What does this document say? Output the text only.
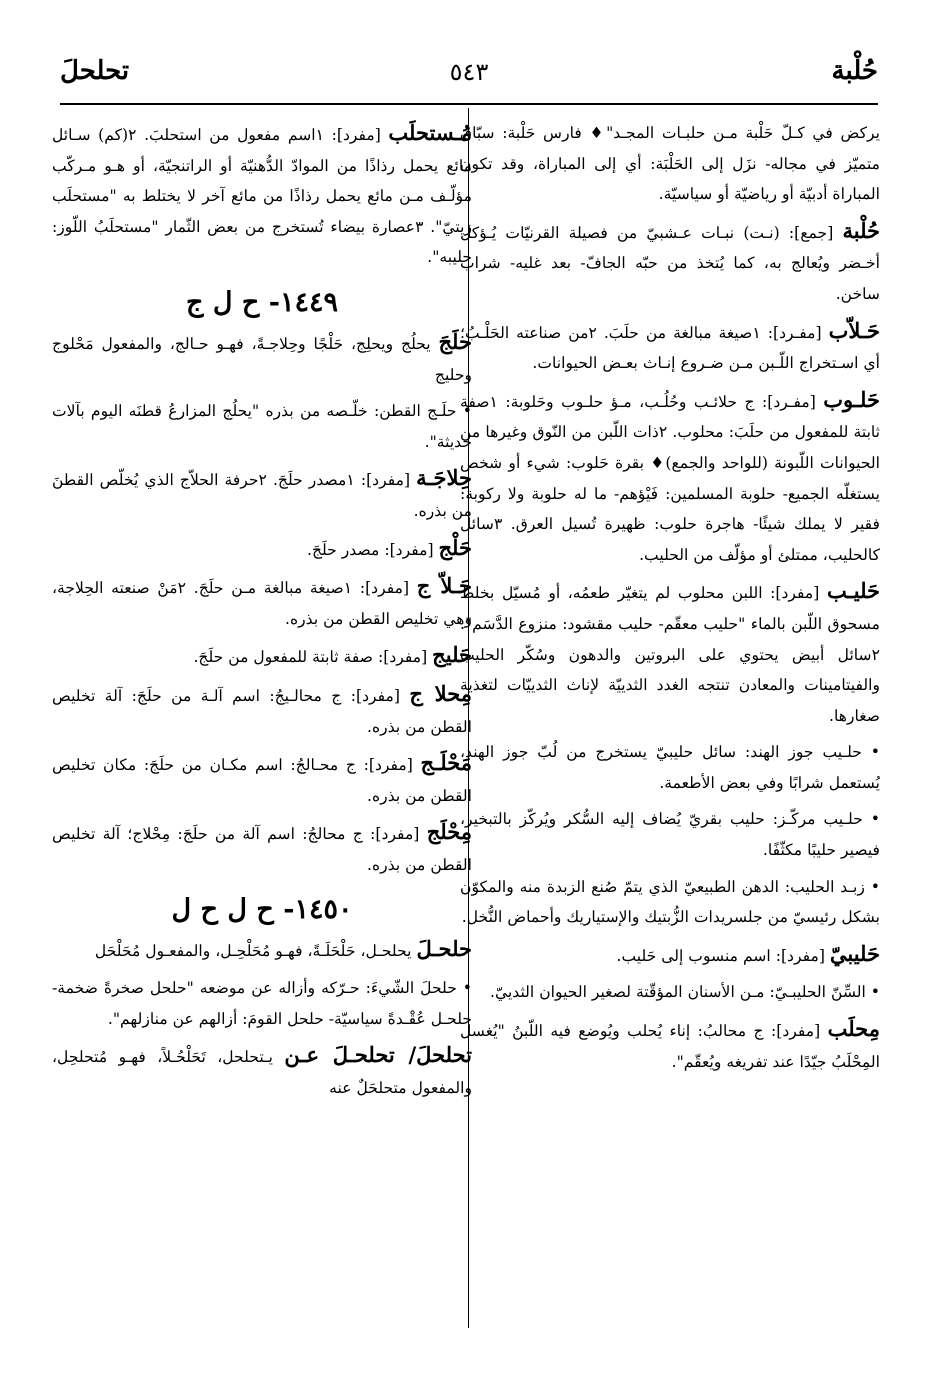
حُلْبة
٥٤٣
تحلحلَ
يركض في كـلّ حَلْبة مـن حلبـات المجـد"♦ فارس حَلْبة: سبّاق متميّز في مجاله- نزَل إلى الحَلْبَة: أي إلى المباراة، وقد تكون المباراة أدبيّة أو رياضيّة أو سياسيّة.
حُلْبة [جمع]: (نـت) نبـات عـشبيّ من فصيلة القرنيّات يُـؤكل أخـضر ويُعالج به، كما يُتخذ من حبّه الجافّ- بعد غليه- شراب ساخن.
حَـلاّب [مفـرد]: ١صيغة مبالغة من حلَبَ. ٢من صناعته الحَلْـبُ؛ أي اسـتخراج اللّـبن مـن ضـروع إنـاث بعـض الحيوانات.
حَلـوب [مفـرد]: ج حلائـب وحُلُـب، مـؤ حلـوب وحَلوبة: ١صفة ثابتة للمفعول من حلَبَ: محلوب. ٢ذات اللّبن من النّوق وغيرها من الحيوانات اللّبونة (للواحد والجمع)♦ بقرة حَلوب: شيء أو شخص يستغلّه الجميع- حلوبة المسلمين: فَيْؤهم- ما له حلوبة ولا ركوبة: فقير لا يملك شيئًا- هاجرة حلوب: ظهيرة تُسيل العرق. ٣سائل كالحليب، ممتلئ أو مؤلّف من الحليب.
حَليـب [مفرد]: اللبن محلوب لم يتغيّر طعمُه، أو مُسيّل بخلط مسحوق اللّبن بالماء "حليب معقّم- حليب مقشود: منزوع الدَّسَم". ٢سائل أبيض يحتوي على البروتين والدهون وسُكّر الحليب والفيتامينات والمعادن تنتجه الغدد الثدييّة لإناث الثدييّات لتغذية صغارها.
• حلـيب جوز الهند: سائل حليبيّ يستخرج من لُبّ جوز الهند، يُستعمل شرابًا وفي بعض الأطعمة.
• حلـيب مركّـز: حليب بقريّ يُضاف إليه السُّكر ويُركّز بالتبخير، فيصير حليبًا مكثّفًا.
• زبـد الحليب: الدهن الطبيعيّ الذي يتمّ صُنع الزبدة منه والمكوّن بشكل رئيسيّ من جلسريدات الزُّبتيك والإستياريك وأحماض النُّخل.
حَليبيّ [مفرد]: اسم منسوب إلى حَليب.
• السِّنّ الحليبـيّ: مـن الأسنان المؤقّتة لصغير الحيوان الثدييّ.
مِحلَب [مفرد]: ج محالبُ: إناء يُحلب ويُوضع فيه اللّبنُ "يُغسل المِحْلَبُ جيّدًا عند تفريغه ويُعقّم".
مُـستحلَب [مفرد]: ١اسم مفعول من استحلبَ. ٢(كم) سـائل مائع يحمل رذاذًا من الموادّ الدُّهنيّة أو الراتنجيّة، أو هـو مـركّب مؤلّـف مـن مائع يحمل رذاذًا من مائع آخر لا يختلط به "مستحلَب زيتيّ". ٣عصارة بيضاء تُستخرج من بعض الثّمار "مستحلَبُ اللّوز: حليبه".
١٤٤٩- ح ل ج
حلَجَ يحلُج ويحلِج، حَلْجًا وحِلاجـةً، فهـو حـالج، والمفعول مَحْلوج وحليج
• حلَـج القطن: خلّـصه من بذره "يحلُج المزارعُ قطنَه اليوم بآلات حديثة".
حِلاجَـة [مفرد]: ١مصدر حلَجَ. ٢حرفة الحلاّج الذي يُخلّص القطنَ من بذره.
حَلْج [مفرد]: مصدر حلَجَ.
حَـلاّ ج [مفرد]: ١صيغة مبالغة مـن حلَجَ. ٢مَنْ صنعته الحِلاجة، وهي تخليص القطن من بذره.
حَليج [مفرد]: صفة ثابتة للمفعول من حلَجَ.
مِحلا ج [مفرد]: ج محالـيجُ: اسم آلـة من حلَجَ: آلة تخليص القطن من بذره.
مَحْلَـج [مفرد]: ج محـالجُ: اسم مكـان من حلَجَ: مكان تخليص القطن من بذره.
مِحْلَج [مفرد]: ج محالجُ: اسم آلة من حلَجَ: مِحْلاج؛ آلة تخليص القطن من بذره.
١٤٥٠- ح ل ح ل
حلحـلَ يحلحـل، حَلْحَلَـةً، فهـو مُحَلْحِـل، والمفعـول مُحَلْحَل
• حلحلَ الشّيءَ: حـرّكه وأزاله عن موضعه "حلحل صخرةً ضخمة- حلحـل عُقْـدةً سياسيّة- حلحل القومَ: أزالهم عن منازلهم".
تحلحلَ/ تحلحـلَ عـن يـتحلحل، تَحَلْحُـلاً، فهـو مُتحلحِل، والمفعول متحلحَلٌ عنه
